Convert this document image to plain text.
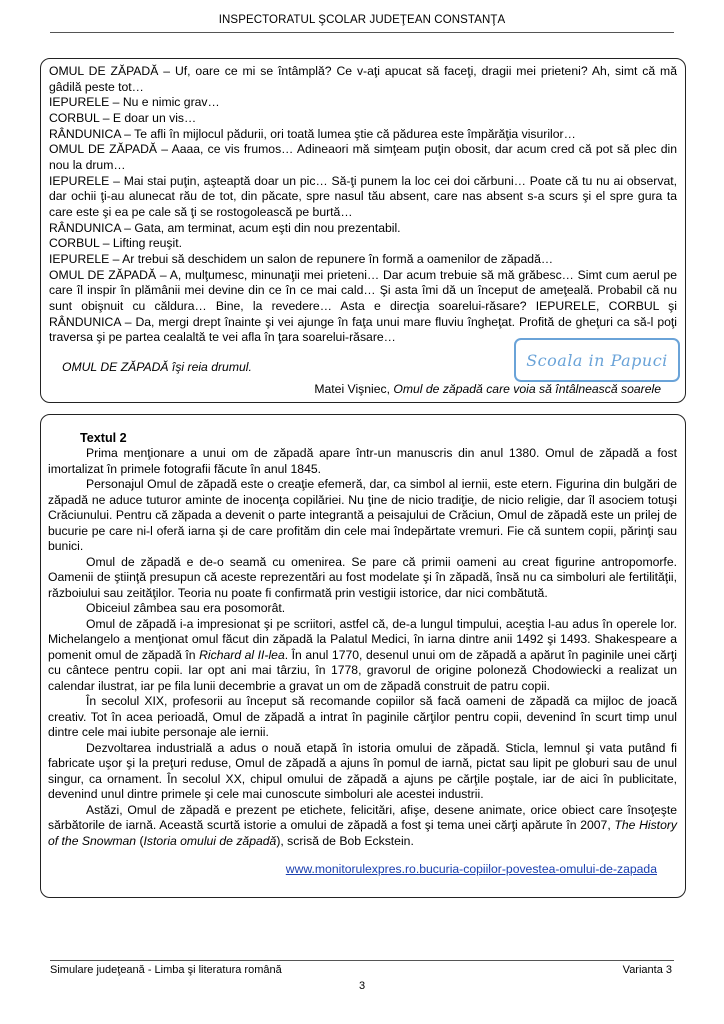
INSPECTORATUL ŞCOLAR JUDEŢEAN CONSTANŢA

OMUL DE ZĂPADĂ – Uf, oare ce mi se întâmplă? Ce v-aţi apucat să faceţi, dragii mei prieteni? Ah, simt că mă gâdilă peste tot…

IEPURELE – Nu e nimic grav…

CORBUL – E doar un vis…

RÂNDUNICA – Te afli în mijlocul pădurii, ori toată lumea ştie că pădurea este împărăţia visurilor…

OMUL DE ZĂPADĂ – Aaaa, ce vis frumos… Adineaori mă simţeam puţin obosit, dar acum cred că pot să plec din nou la drum…

IEPURELE – Mai stai puţin, aşteaptă doar un pic… Să-ţi punem la loc cei doi cărbuni… Poate că tu nu ai observat, dar ochii ţi-au alunecat rău de tot, din păcate, spre nasul tău absent, care nas absent s-a scurs şi el spre gura ta care este şi ea pe cale să ţi se rostogolească pe burtă…

RÂNDUNICA – Gata, am terminat, acum eşti din nou prezentabil.

CORBUL – Lifting reuşit.

IEPURELE – Ar trebui să deschidem un salon de repunere în formă a oamenilor de zăpadă…

OMUL DE ZĂPADĂ – A, mulţumesc, minunaţii mei prieteni… Dar acum trebuie să mă grăbesc… Simt cum aerul pe care îl inspir în plămânii mei devine din ce în ce mai cald… Şi asta îmi dă un început de ameţeală. Probabil că nu sunt obişnuit cu căldura… Bine, la revedere… Asta e direcţia soarelui-răsare? IEPURELE, CORBUL şi RÂNDUNICA – Da, mergi drept înainte şi vei ajunge în faţa unui mare fluviu îngheţat. Profită de gheţuri ca să-l poţi traversa şi pe partea cealaltă te vei afla în ţara soarelui-răsare…

OMUL DE ZĂPADĂ îşi reia drumul.

Matei Vişniec, Omul de zăpadă care voia să întâlnească soarele

Scoala in Papuci
Textul 2

Prima menţionare a unui om de zăpadă apare într-un manuscris din anul 1380. Omul de zăpadă a fost imortalizat în primele fotografii făcute în anul 1845.

Personajul Omul de zăpadă este o creaţie efemeră, dar, ca simbol al iernii, este etern. Figurina din bulgări de zăpadă ne aduce tuturor aminte de inocenţa copilăriei. Nu ţine de nicio tradiţie, de nicio religie, dar îl asociem totuşi Crăciunului. Pentru că zăpada a devenit o parte integrantă a peisajului de Crăciun, Omul de zăpadă este un prilej de bucurie pe care ni-l oferă iarna şi de care profităm din cele mai îndepărtate vremuri. Fie că suntem copii, părinţi sau bunici.

Omul de zăpadă e de-o seamă cu omenirea. Se pare că primii oameni au creat figurine antropomorfe. Oamenii de ştiinţă presupun că aceste reprezentări au fost modelate şi în zăpadă, însă nu ca simboluri ale fertilităţii, războiului sau zeităţilor. Teoria nu poate fi confirmată prin vestigii istorice, dar nici combătută.

Obiceiul zâmbea sau era posomorât.

Omul de zăpadă i-a impresionat şi pe scriitori, astfel că, de-a lungul timpului, aceştia l-au adus în operele lor. Michelangelo a menţionat omul făcut din zăpadă la Palatul Medici, în iarna dintre anii 1492 şi 1493. Shakespeare a pomenit omul de zăpadă în Richard al II-lea. În anul 1770, desenul unui om de zăpadă a apărut în paginile unei cărţi cu cântece pentru copii. Iar opt ani mai târziu, în 1778, gravorul de origine poloneză Chodowiecki a realizat un calendar ilustrat, iar pe fila lunii decembrie a gravat un om de zăpadă construit de patru copii.

În secolul XIX, profesorii au început să recomande copiilor să facă oameni de zăpadă ca mijloc de joacă creativ. Tot în acea perioadă, Omul de zăpadă a intrat în paginile cărţilor pentru copii, devenind în scurt timp unul dintre cele mai iubite personaje ale iernii.

Dezvoltarea industrială a adus o nouă etapă în istoria omului de zăpadă. Sticla, lemnul şi vata putând fi fabricate uşor şi la preţuri reduse, Omul de zăpadă a ajuns în pomul de iarnă, pictat sau lipit pe globuri sau de unul singur, ca ornament. În secolul XX, chipul omului de zăpadă a ajuns pe cărţile poştale, iar de aici în publicitate, devenind unul dintre primele şi cele mai cunoscute simboluri ale acestei industrii.

Astăzi, Omul de zăpadă e prezent pe etichete, felicitări, afişe, desene animate, orice obiect care însoţeşte sărbătorile de iarnă. Această scurtă istorie a omului de zăpadă a fost şi tema unei cărţi apărute în 2007, The History of the Snowman (Istoria omului de zăpadă), scrisă de Bob Eckstein.

www.monitorulexpres.ro.bucuria-copiilor-povestea-omului-de-zapada

Simulare judeţeană - Limba şi literatura română	Varianta 3
3
